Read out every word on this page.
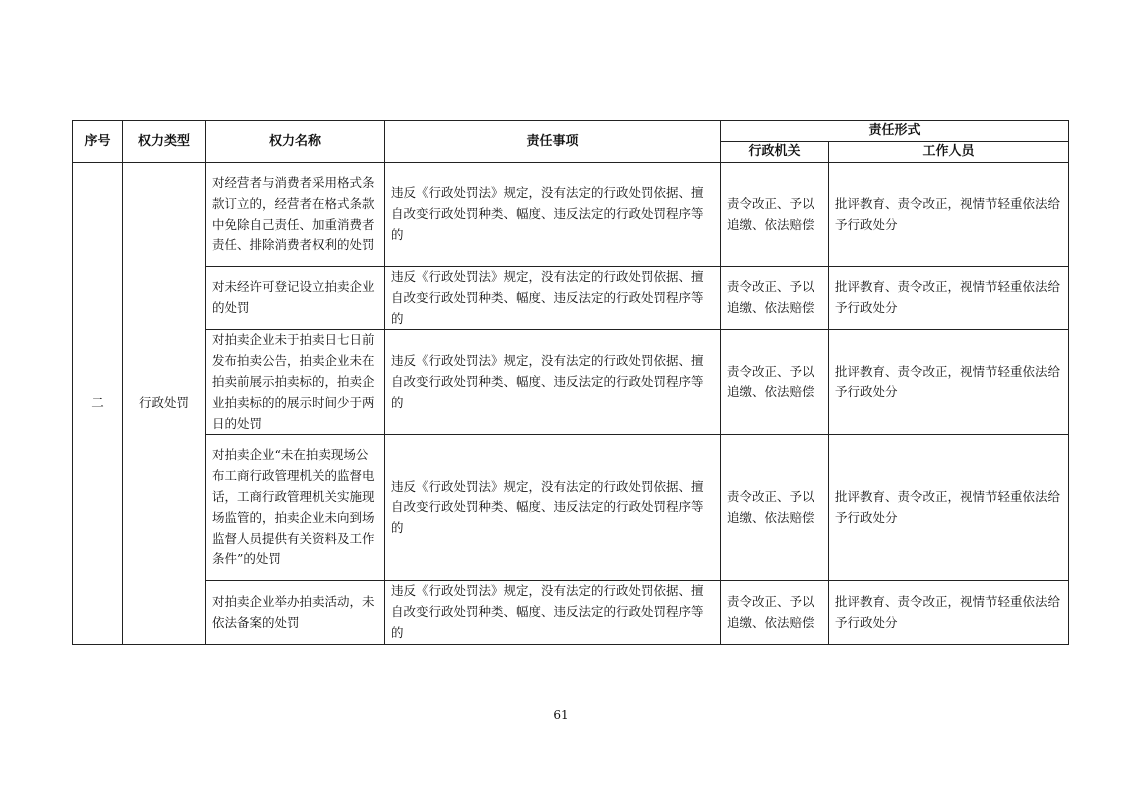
序号	权力类型	权力名称	责任事项	责任形式	
				行政机关	工作人员
二	行政处罚	对经营者与消费者采用格式条款订立的，经营者在格式条款中免除自己责任、加重消费者责任、排除消费者权利的处罚	违反《行政处罚法》规定，没有法定的行政处罚依据、擅自改变行政处罚种类、幅度、违反法定的行政处罚程序等的	责令改正、予以追缴、依法赔偿	批评教育、责令改正，视情节轻重依法给予行政处分
		对未经许可登记设立拍卖企业的处罚	违反《行政处罚法》规定，没有法定的行政处罚依据、擅自改变行政处罚种类、幅度、违反法定的行政处罚程序等的	责令改正、予以追缴、依法赔偿	批评教育、责令改正，视情节轻重依法给予行政处分
		对拍卖企业未于拍卖日七日前发布拍卖公告，拍卖企业未在拍卖前展示拍卖标的，拍卖企业拍卖标的的展示时间少于两日的处罚	违反《行政处罚法》规定，没有法定的行政处罚依据、擅自改变行政处罚种类、幅度、违反法定的行政处罚程序等的	责令改正、予以追缴、依法赔偿	批评教育、责令改正，视情节轻重依法给予行政处分
		对拍卖企业“未在拍卖现场公布工商行政管理机关的监督电话，工商行政管理机关实施现场监管的，拍卖企业未向到场监督人员提供有关资料及工作条件”的处罚	违反《行政处罚法》规定，没有法定的行政处罚依据、擅自改变行政处罚种类、幅度、违反法定的行政处罚程序等的	责令改正、予以追缴、依法赔偿	批评教育、责令改正，视情节轻重依法给予行政处分
		对拍卖企业举办拍卖活动，未依法备案的处罚	违反《行政处罚法》规定，没有法定的行政处罚依据、擅自改变行政处罚种类、幅度、违反法定的行政处罚程序等的	责令改正、予以追缴、依法赔偿	批评教育、责令改正，视情节轻重依法给予行政处分
61
